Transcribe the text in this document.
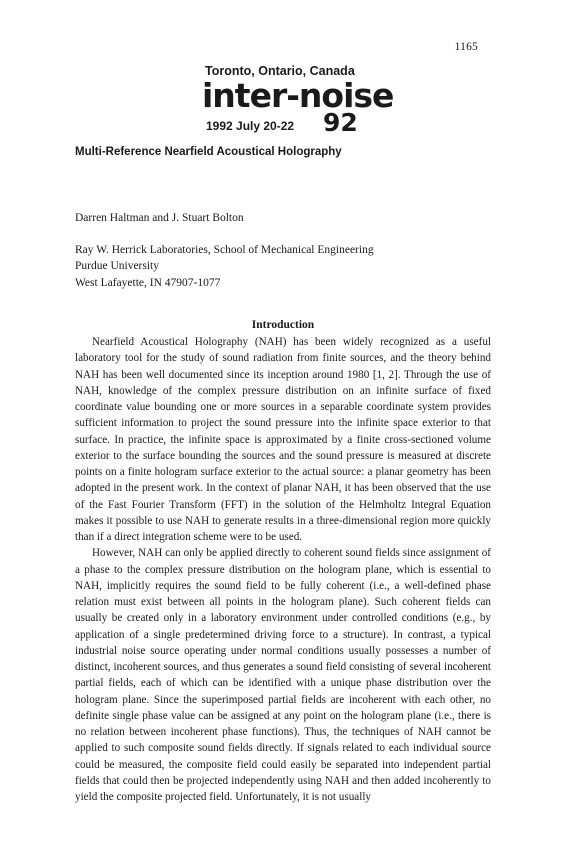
1165
Toronto, Ontario, Canada
inter-noise
1992 July 20-22 92
Multi-Reference Nearfield Acoustical Holography
Darren Haltman and J. Stuart Bolton
Ray W. Herrick Laboratories, School of Mechanical Engineering
Purdue University
West Lafayette, IN 47907-1077
Introduction

Nearfield Acoustical Holography (NAH) has been widely recognized as a useful laboratory tool for the study of sound radiation from finite sources, and the theory behind NAH has been well documented since its inception around 1980 [1, 2]. Through the use of NAH, knowledge of the complex pressure distribution on an infinite surface of fixed coordinate value bounding one or more sources in a separable coordinate system provides sufficient information to project the sound pressure into the infinite space exterior to that surface. In practice, the infinite space is approximated by a finite cross-sectioned volume exterior to the surface bounding the sources and the sound pressure is measured at discrete points on a finite hologram surface exterior to the actual source: a planar geometry has been adopted in the present work. In the context of planar NAH, it has been observed that the use of the Fast Fourier Transform (FFT) in the solution of the Helmholtz Integral Equation makes it possible to use NAH to generate results in a three-dimensional region more quickly than if a direct integration scheme were to be used.

However, NAH can only be applied directly to coherent sound fields since assignment of a phase to the complex pressure distribution on the hologram plane, which is essential to NAH, implicitly requires the sound field to be fully coherent (i.e., a well-defined phase relation must exist between all points in the hologram plane). Such coherent fields can usually be created only in a laboratory environment under controlled conditions (e.g., by application of a single predetermined driving force to a structure). In contrast, a typical industrial noise source operating under normal conditions usually possesses a number of distinct, incoherent sources, and thus generates a sound field consisting of several incoherent partial fields, each of which can be identified with a unique phase distribution over the hologram plane. Since the superimposed partial fields are incoherent with each other, no definite single phase value can be assigned at any point on the hologram plane (i.e., there is no relation between incoherent phase functions). Thus, the techniques of NAH cannot be applied to such composite sound fields directly. If signals related to each individual source could be measured, the composite field could easily be separated into independent partial fields that could then be projected independently using NAH and then added incoherently to yield the composite projected field. Unfortunately, it is not usually
